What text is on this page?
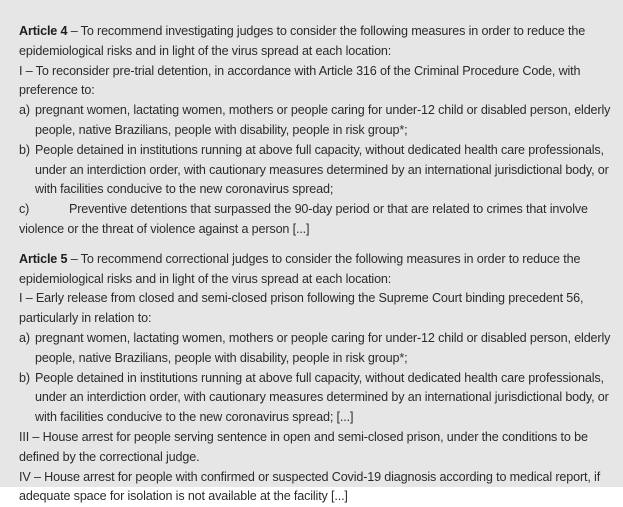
Article 4 – To recommend investigating judges to consider the following measures in order to reduce the epidemiological risks and in light of the virus spread at each location:

I – To reconsider pre-trial detention, in accordance with Article 316 of the Criminal Procedure Code, with preference to:

a) pregnant women, lactating women, mothers or people caring for under-12 child or disabled person, elderly people, native Brazilians, people with disability, people in risk group*;
b) People detained in institutions running at above full capacity, without dedicated health care professionals, under an interdiction order, with cautionary measures determined by an international jurisdictional body, or with facilities conducive to the new coronavirus spread;
c)	Preventive detentions that surpassed the 90-day period or that are related to crimes that involve violence or the threat of violence against a person [...]

Article 5 – To recommend correctional judges to consider the following measures in order to reduce the epidemiological risks and in light of the virus spread at each location:

I – Early release from closed and semi-closed prison following the Supreme Court binding precedent 56, particularly in relation to:

a) pregnant women, lactating women, mothers or people caring for under-12 child or disabled person, elderly people, native Brazilians, people with disability, people in risk group*;
b) People detained in institutions running at above full capacity, without dedicated health care professionals, under an interdiction order, with cautionary measures determined by an international jurisdictional body, or with facilities conducive to the new coronavirus spread; [...]

III – House arrest for people serving sentence in open and semi-closed prison, under the conditions to be defined by the correctional judge.

IV – House arrest for people with confirmed or suspected Covid-19 diagnosis according to medical report, if adequate space for isolation is not available at the facility [...]
